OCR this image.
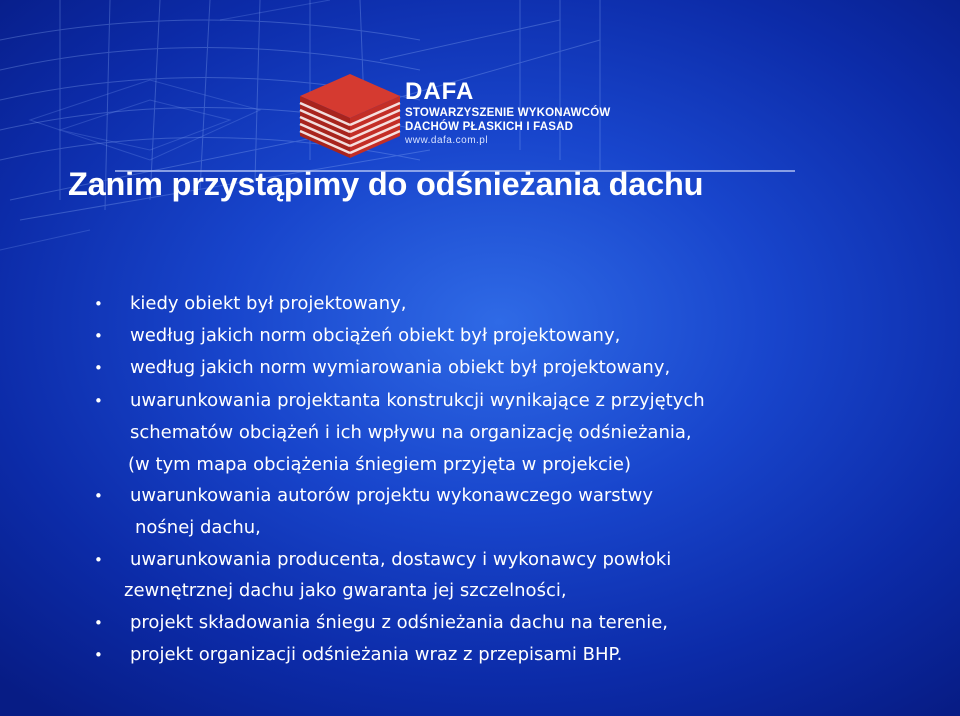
DAFA
STOWARZYSZENIE WYKONAWCÓW
DACHÓW PŁASKICH I FASAD
www.dafa.com.pl
Zanim przystąpimy do odśnieżania dachu
• kiedy obiekt był projektowany,
• według jakich norm obciążeń obiekt był projektowany,
• według jakich norm wymiarowania obiekt był projektowany,
• uwarunkowania projektanta konstrukcji wynikające z przyjętych
schematów obciążeń i ich wpływu na organizację odśnieżania,
(w tym mapa obciążenia śniegiem przyjęta w projekcie)
• uwarunkowania autorów projektu wykonawczego warstwy
nośnej dachu,
• uwarunkowania producenta, dostawcy i wykonawcy powłoki
zewnętrznej dachu jako gwaranta jej szczelności,
• projekt składowania śniegu z odśnieżania dachu na terenie,
• projekt organizacji odśnieżania wraz z przepisami BHP.
